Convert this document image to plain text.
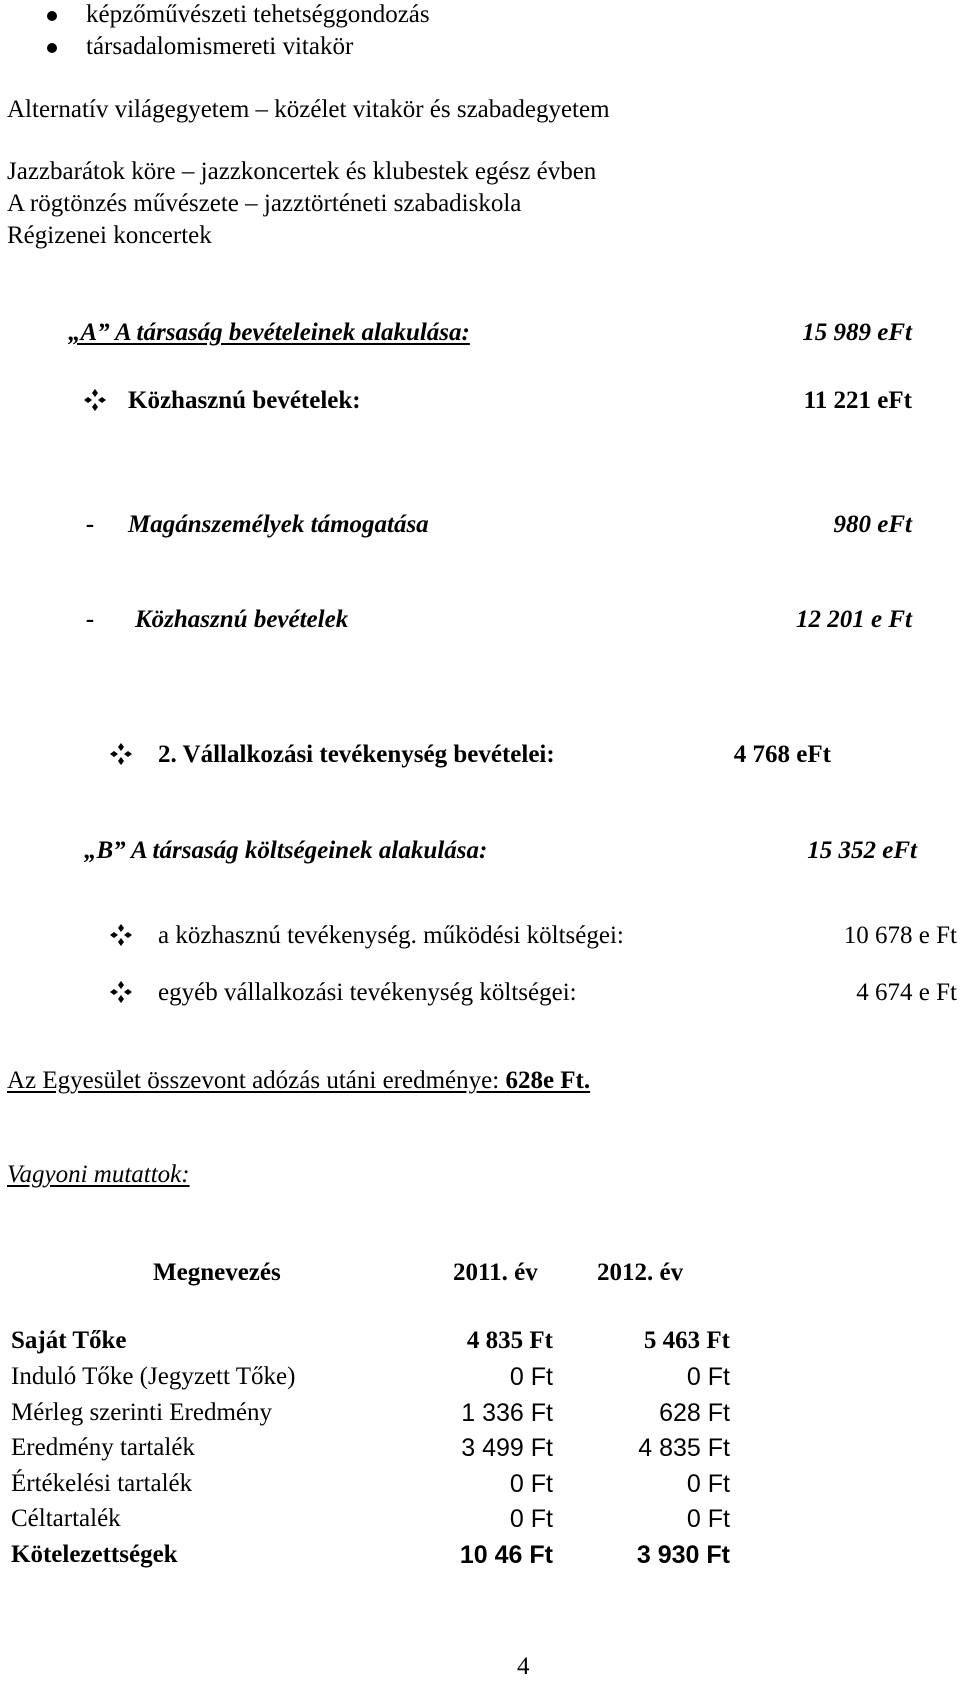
képzőművészeti tehetséggondozás
társadalomismereti vitakör
Alternatív világegyetem – közélet vitakör és szabadegyetem
Jazzbarátok köre – jazzkoncertek és klubestek egész évben
A rögtönzés művészete – jazztörténeti szabadiskola
Régizenei koncertek
„A” A társaság bevételeinek alakulása:	15 989 eFt
Közhasznú bevételek:	11 221 eFt
- Magánszemélyek támogatása	980 eFt
- Közhasznú bevételek	12 201 e Ft
2. Vállalkozási tevékenység bevételei:	4 768 eFt
„B” A társaság költségeinek alakulása:	15 352 eFt
a közhasznú tevékenység. működési költségei:	10 678 e Ft
egyéb vállalkozási tevékenység költségei:	4 674 e Ft
Az Egyesület összevont adózás utáni eredménye: 628e Ft.
Vagyoni mutattok:
Megnevezés	2011. év 2012. év
Saját Tőke	4 835 Ft	5 463 Ft
Induló Tőke (Jegyzett Tőke)	0 Ft	0 Ft
Mérleg szerinti Eredmény	1 336 Ft	628 Ft
Eredmény tartalék	3 499 Ft	4 835 Ft
Értékelési tartalék	0 Ft	0 Ft
Céltartalék	0 Ft	0 Ft
Kötelezettségek	10 46 Ft	3 930 Ft
4
